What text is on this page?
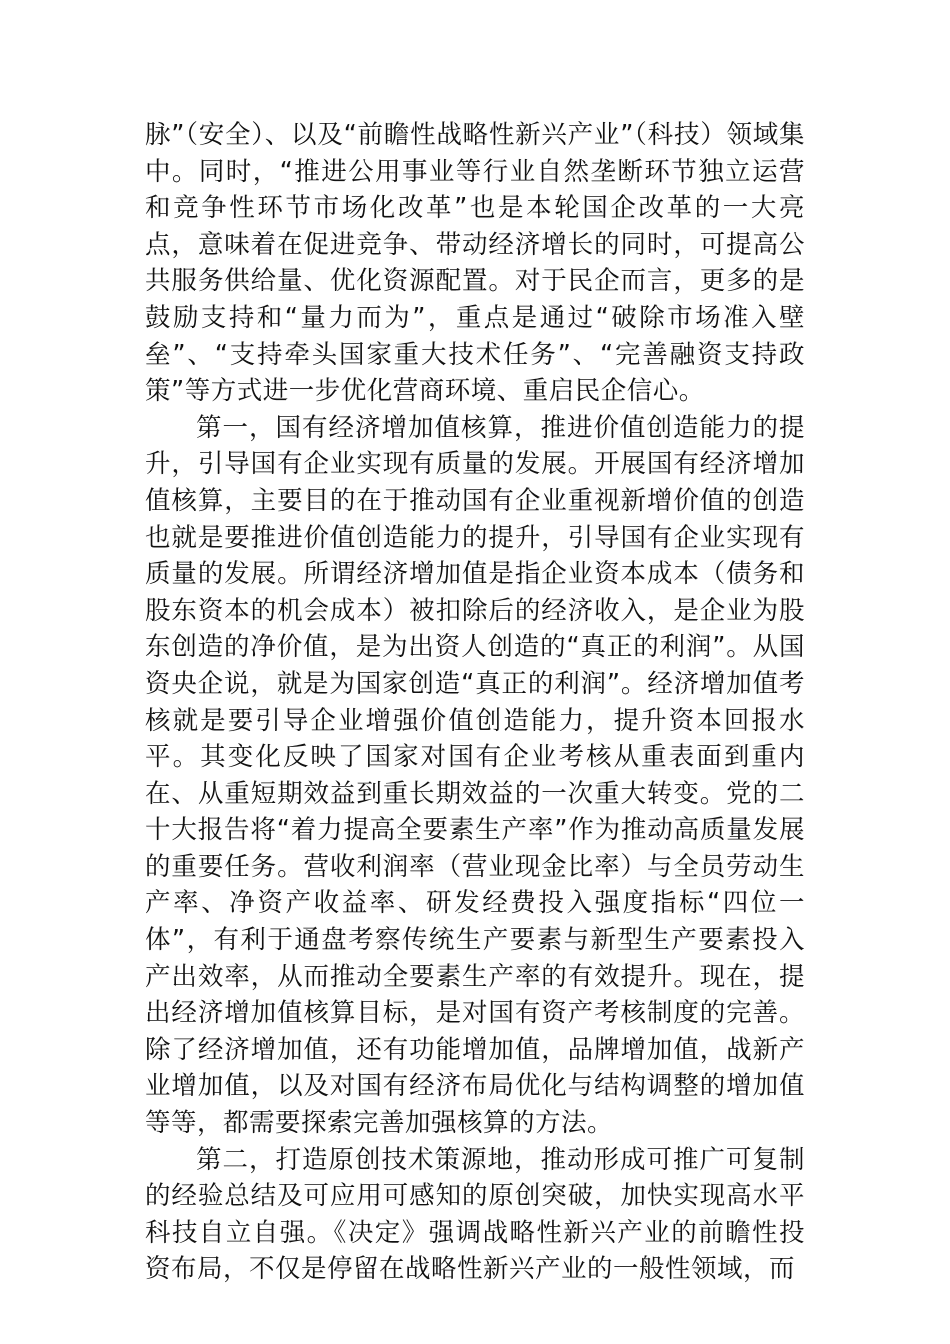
脉”（安全）、以及“前瞻性战略性新兴产业”（科技）领域集中。同时，“推进公用事业等行业自然垄断环节独立运营和竞争性环节市场化改革”也是本轮国企改革的一大亮点，意味着在促进竞争、带动经济增长的同时，可提高公共服务供给量、优化资源配置。对于民企而言，更多的是鼓励支持和“量力而为”，重点是通过“破除市场准入壁垒”、“支持牵头国家重大技术任务”、“完善融资支持政策”等方式进一步优化营商环境、重启民企信心。

第一，国有经济增加值核算，推进价值创造能力的提升，引导国有企业实现有质量的发展。开展国有经济增加值核算，主要目的在于推动国有企业重视新增价值的创造也就是要推进价值创造能力的提升，引导国有企业实现有质量的发展。所谓经济增加值是指企业资本成本（债务和股东资本的机会成本）被扣除后的经济收入，是企业为股东创造的净价值，是为出资人创造的“真正的利润”。从国资央企说，就是为国家创造“真正的利润”。经济增加值考核就是要引导企业增强价值创造能力，提升资本回报水平。其变化反映了国家对国有企业考核从重表面到重内在、从重短期效益到重长期效益的一次重大转变。党的二十大报告将“着力提高全要素生产率”作为推动高质量发展的重要任务。营收利润率（营业现金比率）与全员劳动生产率、净资产收益率、研发经费投入强度指标“四位一体”，有利于通盘考察传统生产要素与新型生产要素投入产出效率，从而推动全要素生产率的有效提升。现在，提出经济增加值核算目标，是对国有资产考核制度的完善。除了经济增加值，还有功能增加值，品牌增加值，战新产业增加值，以及对国有经济布局优化与结构调整的增加值等等，都需要探索完善加强核算的方法。

第二，打造原创技术策源地，推动形成可推广可复制的经验总结及可应用可感知的原创突破，加快实现高水平科技自立自强。《决定》强调战略性新兴产业的前瞻性投资布局，不仅是停留在战略性新兴产业的一般性领域，而
